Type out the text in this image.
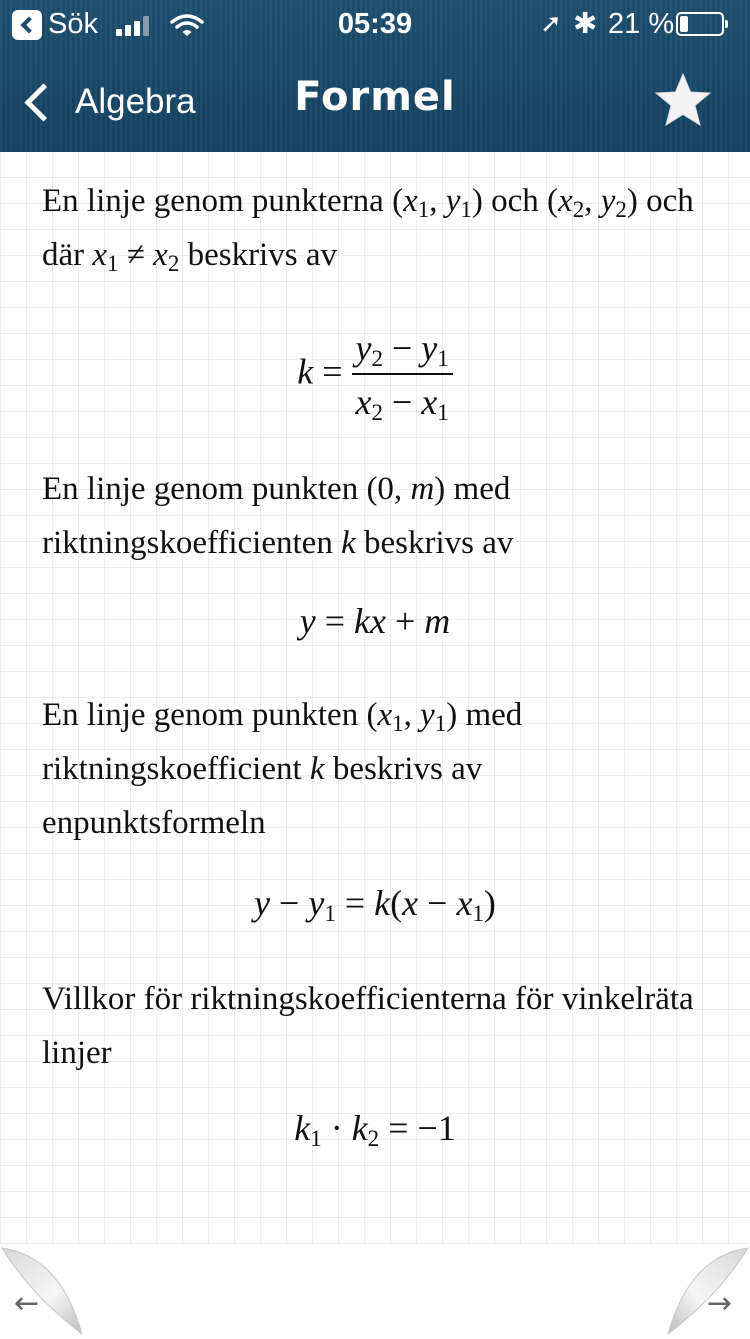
Sök	05:39	➚ ✱ 21 %
Algebra	Formel
En linje genom punkterna ($x_1$, $y_1$) och ($x_2$, $y_2$) och där $x_1 \ne x_2$ beskrivs av
$k = \frac{y_2 - y_1}{x_2 - x_1}$
En linje genom punkten (0, m) med riktningskoefficienten k beskrivs av
y = kx + m
En linje genom punkten ($x_1$, $y_1$) med riktningskoefficient k beskrivs av enpunktsformeln
$y - y_1 = k(x - x_1)$
Villkor för riktningskoefficienterna för vinkelräta linjer
$k_1 \cdot k_2 = -1$
←	→
